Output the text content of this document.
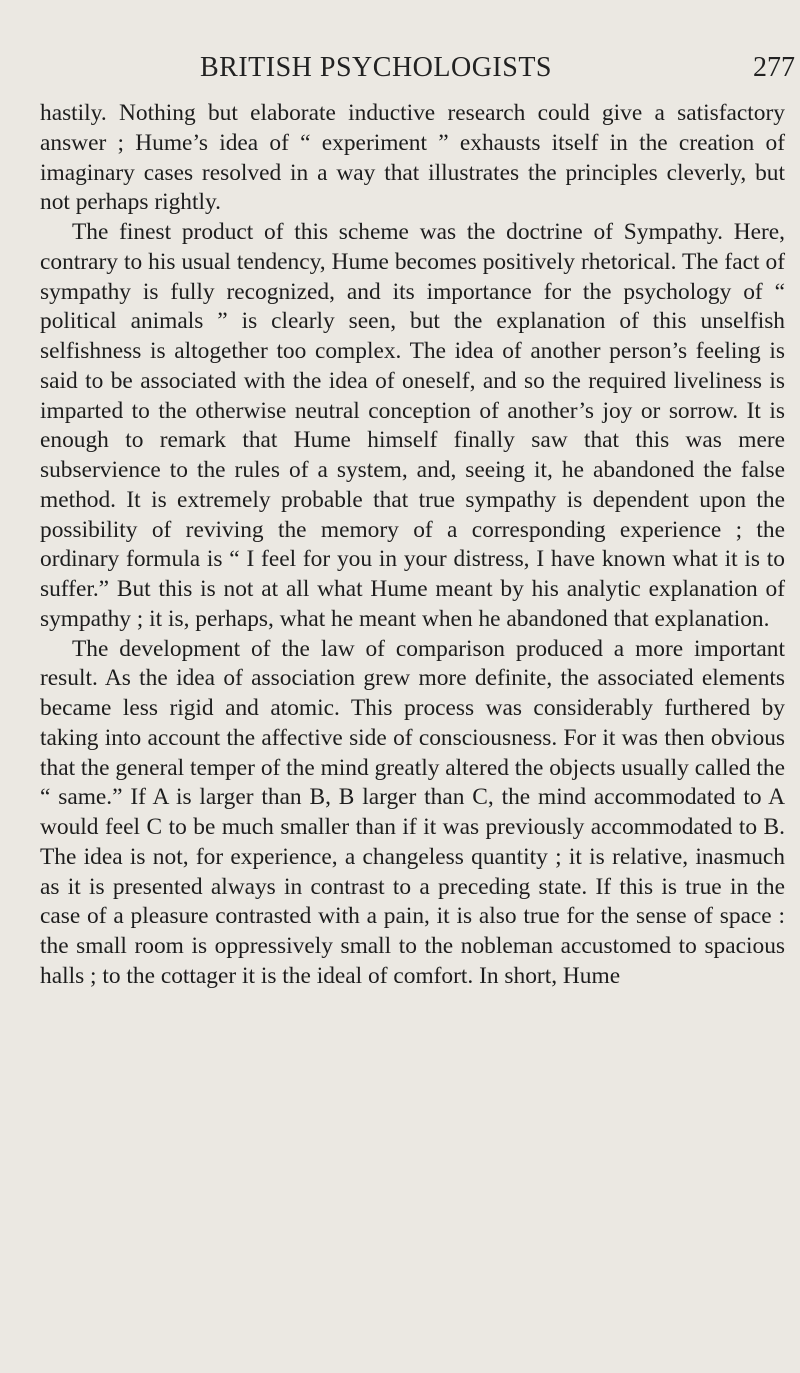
BRITISH PSYCHOLOGISTS	277

hastily. Nothing but elaborate inductive research could give a satisfactory answer ; Hume’s idea of “ experiment ” exhausts itself in the creation of imaginary cases resolved in a way that illustrates the principles cleverly, but not perhaps rightly.

The finest product of this scheme was the doctrine of Sympathy. Here, contrary to his usual tendency, Hume becomes positively rhetorical. The fact of sympathy is fully recognized, and its importance for the psychology of “ political animals ” is clearly seen, but the explanation of this unselfish selfishness is altogether too complex. The idea of another person’s feeling is said to be associated with the idea of oneself, and so the required liveliness is imparted to the otherwise neutral conception of another’s joy or sorrow. It is enough to remark that Hume himself finally saw that this was mere subservience to the rules of a system, and, seeing it, he abandoned the false method. It is extremely probable that true sympathy is dependent upon the possibility of reviving the memory of a corresponding experience ; the ordinary formula is “ I feel for you in your distress, I have known what it is to suffer.” But this is not at all what Hume meant by his analytic explanation of sympathy ; it is, perhaps, what he meant when he abandoned that explanation.

The development of the law of comparison produced a more important result. As the idea of association grew more definite, the associated elements became less rigid and atomic. This process was considerably furthered by taking into account the affective side of consciousness. For it was then obvious that the general temper of the mind greatly altered the objects usually called the “ same.” If A is larger than B, B larger than C, the mind accommodated to A would feel C to be much smaller than if it was previously accommodated to B. The idea is not, for experience, a changeless quantity ; it is relative, inasmuch as it is presented always in contrast to a preceding state. If this is true in the case of a pleasure contrasted with a pain, it is also true for the sense of space : the small room is oppressively small to the nobleman accustomed to spacious halls ; to the cottager it is the ideal of comfort. In short, Hume
